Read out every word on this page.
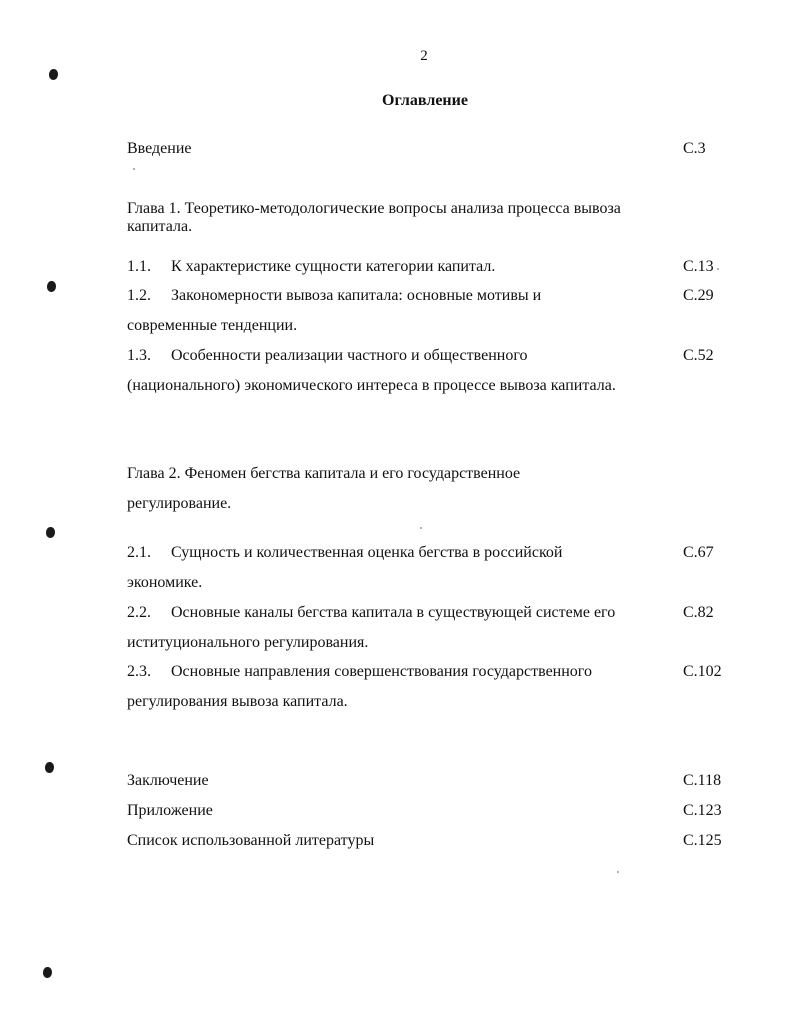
2
Оглавление
Введение	С.3
Глава 1. Теоретико-методологические вопросы анализа процесса вывоза
капитала.
1.1.	К характеристике сущности категории капитал.	С.13
1.2.	Закономерности вывоза капитала: основные мотивы и	С.29
современные тенденции.
1.3.	Особенности реализации частного и общественного	С.52
(национального) экономического интереса в процессе вывоза капитала.
Глава 2. Феномен бегства капитала и его государственное
регулирование.
2.1.	Сущность и количественная оценка бегства в российской	С.67
экономике.
2.2.	Основные каналы бегства капитала в существующей системе его	С.82
иституционального регулирования.
2.3.	Основные направления совершенствования государственного	С.102
регулирования вывоза капитала.
Заключение	С.118
Приложение	С.123
Список использованной литературы	С.125
